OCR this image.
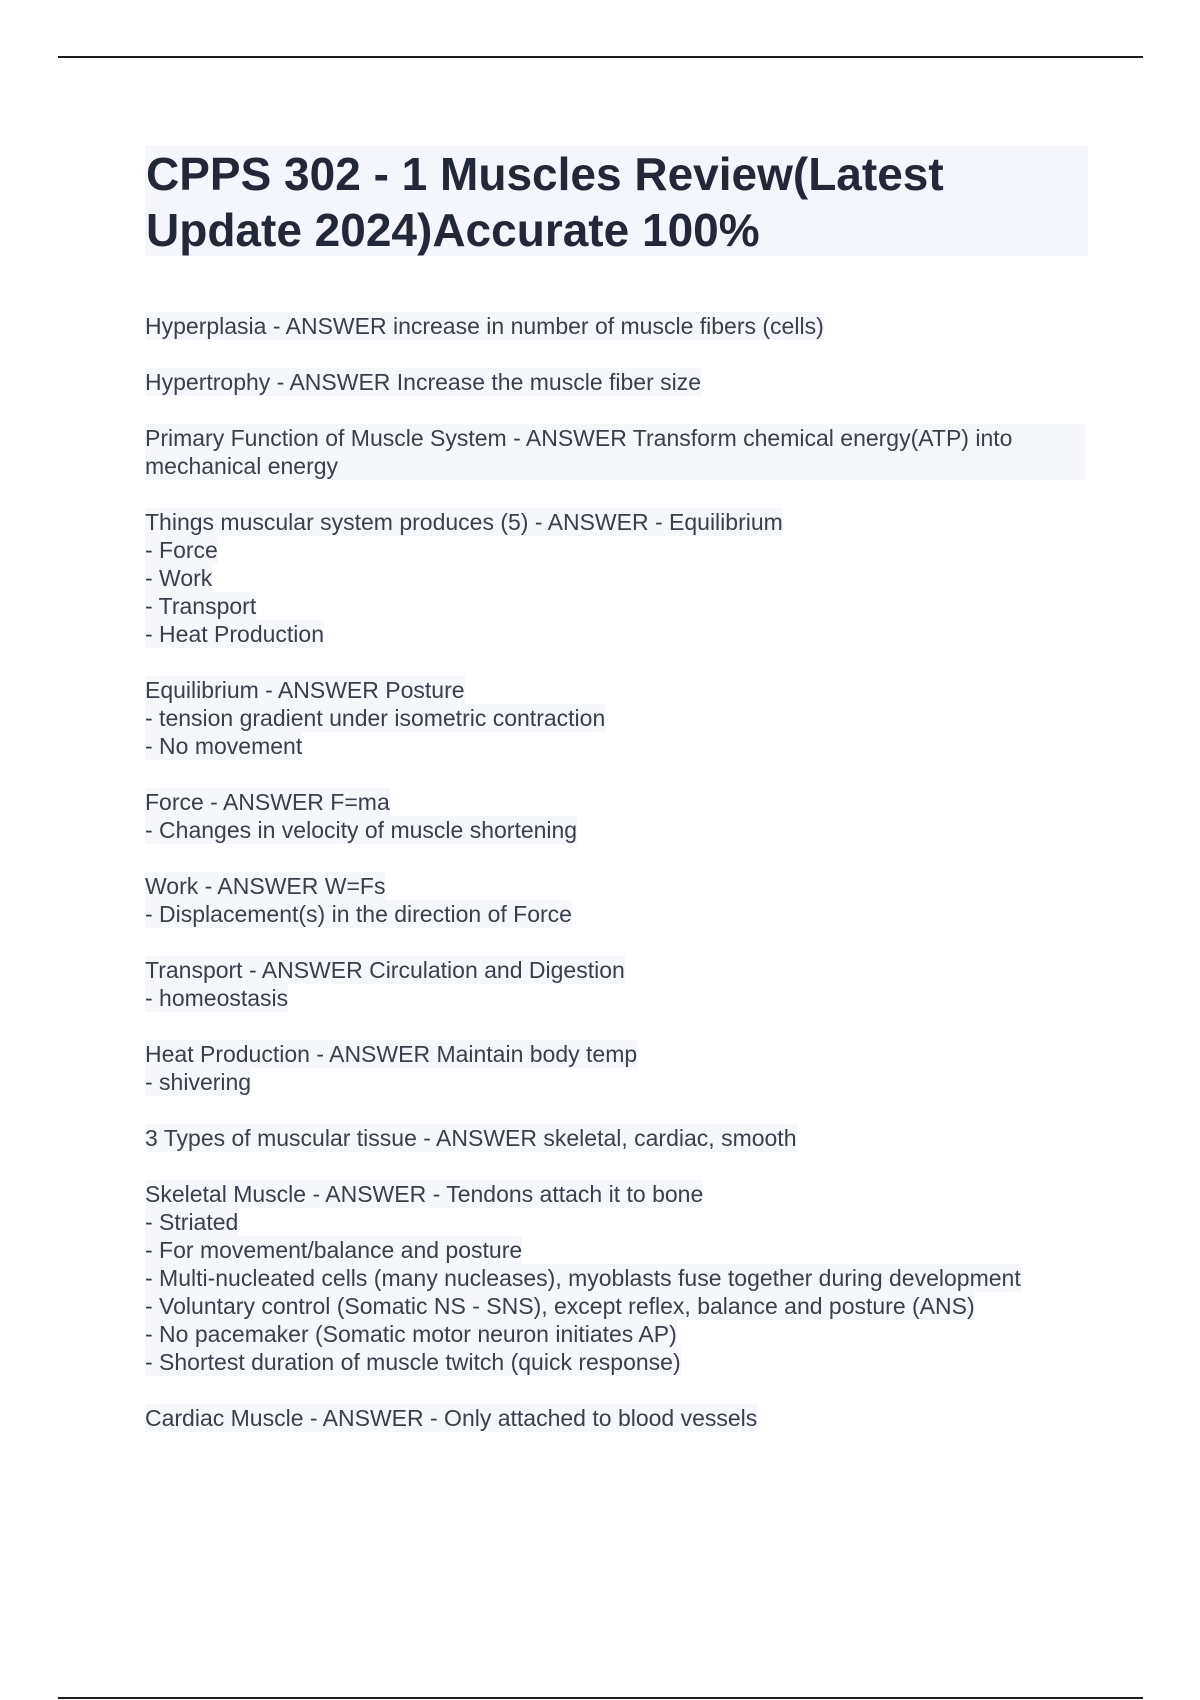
CPPS 302 - 1 Muscles Review(Latest Update 2024)Accurate 100%
Hyperplasia - ANSWER increase in number of muscle fibers (cells)
Hypertrophy - ANSWER Increase the muscle fiber size
Primary Function of Muscle System - ANSWER Transform chemical energy(ATP) into mechanical energy
Things muscular system produces (5) - ANSWER - Equilibrium
- Force
- Work
- Transport
- Heat Production
Equilibrium - ANSWER Posture
- tension gradient under isometric contraction
- No movement
Force - ANSWER F=ma
- Changes in velocity of muscle shortening
Work - ANSWER W=Fs
- Displacement(s) in the direction of Force
Transport - ANSWER Circulation and Digestion
- homeostasis
Heat Production - ANSWER Maintain body temp
- shivering
3 Types of muscular tissue - ANSWER skeletal, cardiac, smooth
Skeletal Muscle - ANSWER - Tendons attach it to bone
- Striated
- For movement/balance and posture
- Multi-nucleated cells (many nucleases), myoblasts fuse together during development
- Voluntary control (Somatic NS - SNS), except reflex, balance and posture (ANS)
- No pacemaker (Somatic motor neuron initiates AP)
- Shortest duration of muscle twitch (quick response)
Cardiac Muscle - ANSWER - Only attached to blood vessels
